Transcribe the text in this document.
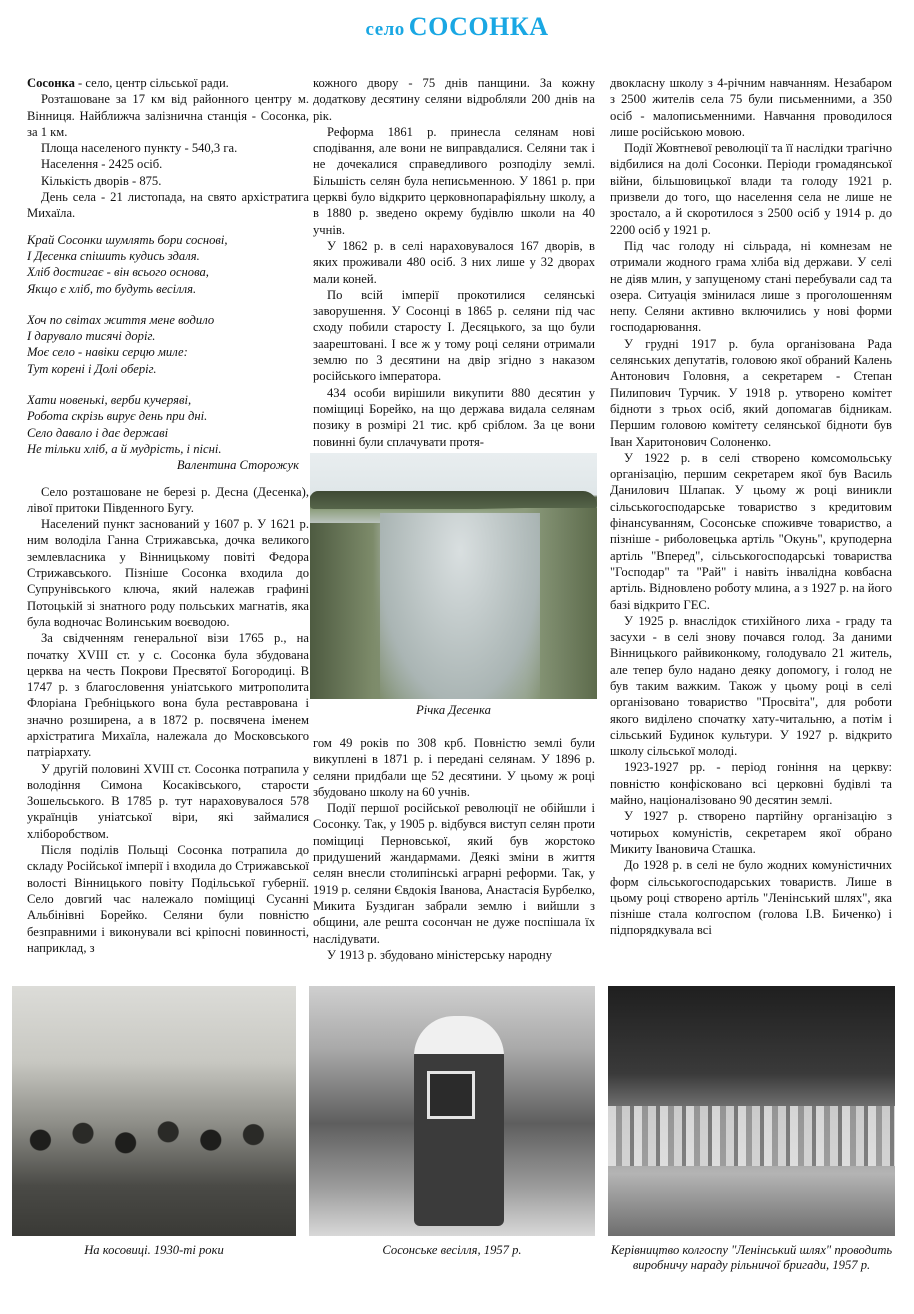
село СОСОНКА

Сосонка - село, центр сільської ради.

Розташоване за 17 км від районного центру м. Вінниця. Найближча залізнична станція - Сосонка, за 1 км.

Площа населеного пункту - 540,3 га.

Населення - 2425 осіб.

Кількість дворів - 875.

День села - 21 листопада, на свято архістратига Михаїла.

Край Сосонки шумлять бори соснові,
І Десенка спішить кудись здаля.
Хліб достигає - він всього основа,
Якщо є хліб, то будуть весілля.
Хоч по світах життя мене водило
І дарувало тисячі доріг.
Моє село - навіки серцю миле:
Тут корені і Долі оберіг.
Хати новенькі, верби кучеряві,
Робота скрізь вирує день при дні.
Село давало і дає державі
Не тільки хліб, а й мудрість, і пісні.
Валентина Сторожук

Село розташоване не березі р. Десна (Десенка), лівої притоки Південного Бугу.

Населений пункт заснований у 1607 р. У 1621 р. ним володіла Ганна Стрижавська, дочка великого землевласника у Вінницькому повіті Федора Стрижавського. Пізніше Сосонка входила до Супрунівського ключа, який належав графині Потоцькій зі знатного роду польських магнатів, яка була водночас Волинським воєводою.

За свідченням генеральної візи 1765 р., на початку XVIII ст. у с. Сосонка була збудована церква на честь Покрови Пресвятої Богородиці. В 1747 р. з благословення уніатського митрополита Флоріана Гребніцького вона була реставрована і значно розширена, а в 1872 р. посвячена іменем архістратига Михаїла, належала до Московського патріархату.

У другій половині XVIII ст. Сосонка потрапила у володіння Симона Косаківського, старости Зошельського. В 1785 р. тут нараховувалося 578 українців уніатської віри, які займалися хліборобством.

Після поділів Польщі Сосонка потрапила до складу Російської імперії і входила до Стрижавської волості Вінницького повіту Подільської губернії. Село довгий час належало поміщиці Сусанні Альбінівні Борейко. Селяни були повністю безправними і виконували всі кріпосні повинності, наприклад, з

кожного двору - 75 днів панщини. За кожну додаткову десятину селяни відробляли 200 днів на рік.

Реформа 1861 р. принесла селянам нові сподівання, але вони не виправдалися. Селяни так і не дочекалися справедливого розподілу землі. Більшість селян була неписьменною. У 1861 р. при церкві було відкрито церковнопарафіяльну школу, а в 1880 р. зведено окрему будівлю школи на 40 учнів.

У 1862 р. в селі нараховувалося 167 дворів, в яких проживали 480 осіб. З них лише у 32 дворах мали коней.

По всій імперії прокотилися селянські заворушення. У Сосонці в 1865 р. селяни під час сходу побили старосту І. Десяцького, за що були заарештовані. І все ж у тому році селяни отримали землю по 3 десятини на двір згідно з наказом російського імператора.

434 особи вирішили викупити 880 десятин у поміщиці Борейко, на що держава видала селянам позику в розмірі 21 тис. крб сріблом. За це вони повинні були сплачувати протя-

гом 49 років по 308 крб. Повністю землі були викуплені в 1871 р. і передані селянам. У 1896 р. селяни придбали ще 52 десятини. У цьому ж році збудовано школу на 60 учнів.

Події першої російської революції не обійшли і Сосонку. Так, у 1905 р. відбувся виступ селян проти поміщиці Перновської, який був жорстоко придушений жандармами. Деякі зміни в життя селян внесли столипінські аграрні реформи. Так, у 1919 р. селяни Євдокія Іванова, Анастасія Бурбелко, Микита Буздиган забрали землю і вийшли з общини, але решта сосончан не дуже поспішала їх наслідувати.

У 1913 р. збудовано міністерську народну

Річка Десенка

двокласну школу з 4-річним навчанням. Незабаром з 2500 жителів села 75 були письменними, а 350 осіб - малописьменними. Навчання проводилося лише російською мовою.

Події Жовтневої революції та її наслідки трагічно відбилися на долі Сосонки. Періоди громадянської війни, більшовицької влади та голоду 1921 р. призвели до того, що населення села не лише не зростало, а й скоротилося з 2500 осіб у 1914 р. до 2200 осіб у 1921 р.

Під час голоду ні сільрада, ні комнезам не отримали жодного грама хліба від держави. У селі не діяв млин, у запущеному стані перебували сад та озера. Ситуація змінилася лише з проголошенням непу. Селяни активно включились у нові форми господарювання.

У грудні 1917 р. була організована Рада селянських депутатів, головою якої обраний Калень Антонович Головня, а секретарем - Степан Пилипович Турчик. У 1918 р. утворено комітет бідноти з трьох осіб, який допомагав бідникам. Першим головою комітету селянської бідноти був Іван Харитонович Солоненко.

У 1922 р. в селі створено комсомольську організацію, першим секретарем якої був Василь Данилович Шлапак. У цьому ж році виникли сільськогосподарське товариство з кредитовим фінансуванням, Сосонське споживче товариство, а пізніше - риболовецька артіль "Окунь", круподерна артіль "Вперед", сільськогосподарські товариства "Господар" та "Рай" і навіть інвалідна ковбасна артіль. Відновлено роботу млина, а з 1927 р. на його базі відкрито ГЕС.

У 1925 р. внаслідок стихійного лиха - граду та засухи - в селі знову почався голод. За даними Вінницького райвиконкому, голодувало 21 житель, але тепер було надано деяку допомогу, і голод не був таким важким. Також у цьому році в селі організовано товариство "Просвіта", для роботи якого виділено спочатку хату-читальню, а потім і сільський Будинок культури. У 1927 р. відкрито школу сільської молоді.

1923-1927 рр. - період гоніння на церкву: повністю конфісковано всі церковні будівлі та майно, націоналізовано 90 десятин землі.

У 1927 р. створено партійну організацію з чотирьох комуністів, секретарем якої обрано Микиту Івановича Сташка.

До 1928 р. в селі не було жодних комуністичних форм сільськогосподарських товариств. Лише в цьому році створено артіль "Ленінський шлях", яка пізніше стала колгоспом (голова І.В. Биченко) і підпорядкувала всі

На косовиці. 1930-ті роки	Сосонське весілля, 1957 р.	Керівництво колгоспу "Ленінський шлях" проводить виробничу нараду рільничої бригади, 1957 р.
